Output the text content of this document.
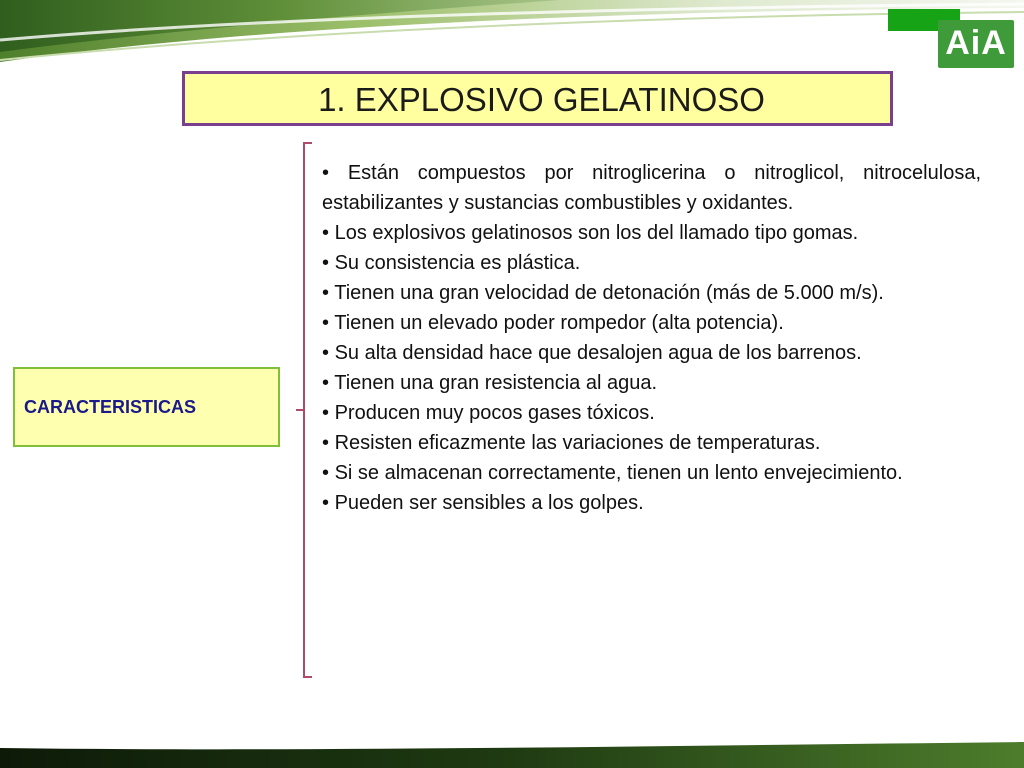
AiA
1. EXPLOSIVO GELATINOSO
CARACTERISTICAS
• Están compuestos por nitroglicerina o nitroglicol, nitrocelulosa, estabilizantes y sustancias combustibles y oxidantes.
• Los explosivos gelatinosos son los del llamado tipo gomas.
• Su consistencia es plástica.
• Tienen una gran velocidad de detonación (más de 5.000 m/s).
• Tienen un elevado poder rompedor (alta potencia).
• Su alta densidad hace que desalojen agua de los barrenos.
• Tienen una gran resistencia al agua.
• Producen muy pocos gases tóxicos.
• Resisten eficazmente las variaciones de temperaturas.
• Si se almacenan correctamente, tienen un lento envejecimiento.
• Pueden ser sensibles a los golpes.
